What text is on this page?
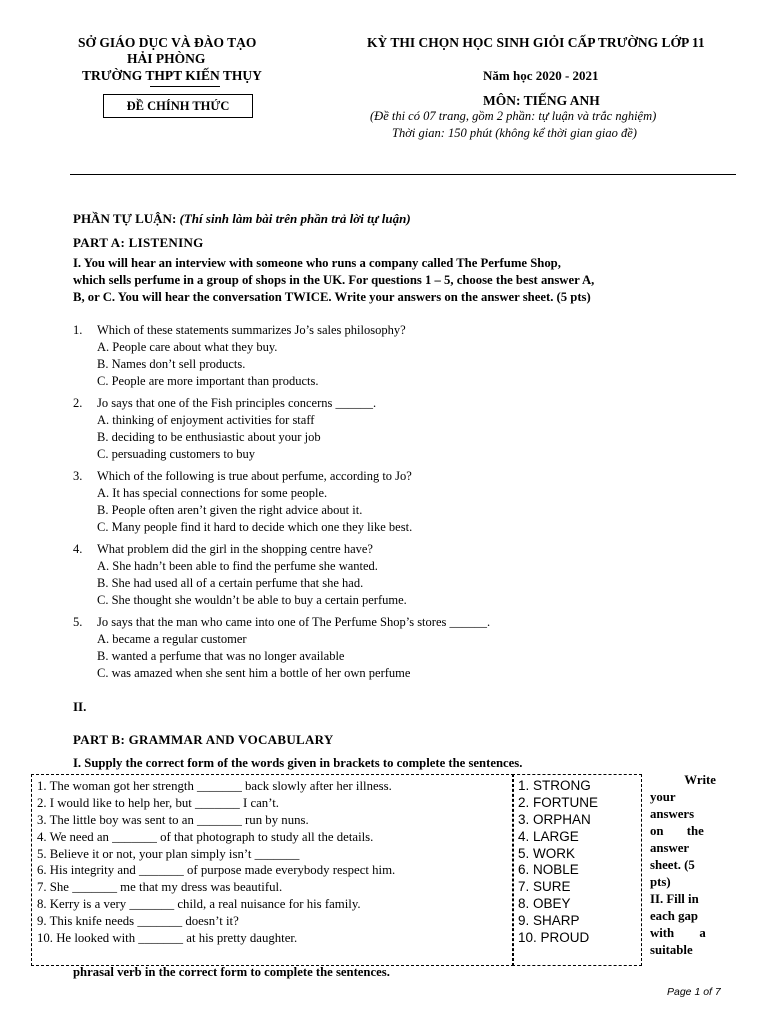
SỞ GIÁO DỤC VÀ ĐÀO TẠO
HẢI PHÒNG
TRƯỜNG THPT KIẾN THỤY
ĐỀ CHÍNH THỨC
KỲ THI CHỌN HỌC SINH GIỎI CẤP TRƯỜNG LỚP 11
Năm học 2020 - 2021
MÔN: TIẾNG ANH
(Đề thi có 07 trang, gồm 2 phần: tự luận và trắc nghiệm)
Thời gian: 150 phút (không kể thời gian giao đề)
PHẦN TỰ LUẬN: (Thí sinh làm bài trên phần trả lời tự luận)
PART A: LISTENING
I. You will hear an interview with someone who runs a company called The Perfume Shop,
which sells perfume in a group of shops in the UK. For questions 1 – 5, choose the best answer A,
B, or C. You will hear the conversation TWICE. Write your answers on the answer sheet. (5 pts)
1.	Which of these statements summarizes Jo’s sales philosophy?
A. People care about what they buy.
B. Names don’t sell products.
C. People are more important than products.
2.	Jo says that one of the Fish principles concerns ______.
A. thinking of enjoyment activities for staff
B. deciding to be enthusiastic about your job
C. persuading customers to buy
3.	Which of the following is true about perfume, according to Jo?
A. It has special connections for some people.
B. People often aren’t given the right advice about it.
C. Many people find it hard to decide which one they like best.
4.	What problem did the girl in the shopping centre have?
A. She hadn’t been able to find the perfume she wanted.
B. She had used all of a certain perfume that she had.
C. She thought she wouldn’t be able to buy a certain perfume.
5.	Jo says that the man who came into one of The Perfume Shop’s stores ______.
A. became a regular customer
B. wanted a perfume that was no longer available
C. was amazed when she sent him a bottle of her own perfume
II.
PART B: GRAMMAR AND VOCABULARY
I. Supply the correct form of the words given in brackets to complete the sentences.
1. The woman got her strength _______ back slowly after her illness.
2. I would like to help her, but _______ I can’t.
3. The little boy was sent to an _______ run by nuns.
4. We need an _______ of that photograph to study all the details.
5. Believe it or not, your plan simply isn’t _______
6. His integrity and _______ of purpose made everybody respect him.
7. She _______ me that my dress was beautiful.
8. Kerry is a very _______ child, a real nuisance for his family.
9. This knife needs _______ doesn’t it?
10. He looked with _______ at his pretty daughter.
1. STRONG
2. FORTUNE
3. ORPHAN
4. LARGE
5. WORK
6. NOBLE
7. SURE
8. OBEY
9. SHARP
10. PROUD
Write
your
answers
on the
answer
sheet. (5
pts)
II. Fill in
each gap
with a
suitable
phrasal verb in the correct form to complete the sentences.
Page 1 of 7
